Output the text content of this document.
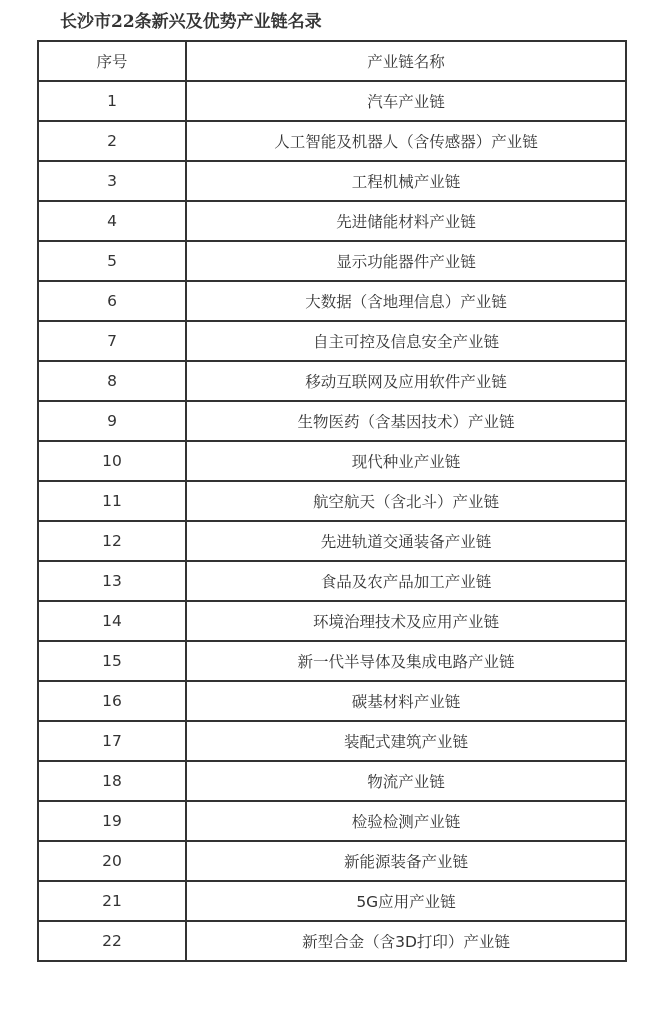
长沙市22条新兴及优势产业链名录
序号	产业链名称
1	汽车产业链
2	人工智能及机器人（含传感器）产业链
3	工程机械产业链
4	先进储能材料产业链
5	显示功能器件产业链
6	大数据（含地理信息）产业链
7	自主可控及信息安全产业链
8	移动互联网及应用软件产业链
9	生物医药（含基因技术）产业链
10	现代种业产业链
11	航空航天（含北斗）产业链
12	先进轨道交通装备产业链
13	食品及农产品加工产业链
14	环境治理技术及应用产业链
15	新一代半导体及集成电路产业链
16	碳基材料产业链
17	装配式建筑产业链
18	物流产业链
19	检验检测产业链
20	新能源装备产业链
21	5G应用产业链
22	新型合金（含3D打印）产业链
